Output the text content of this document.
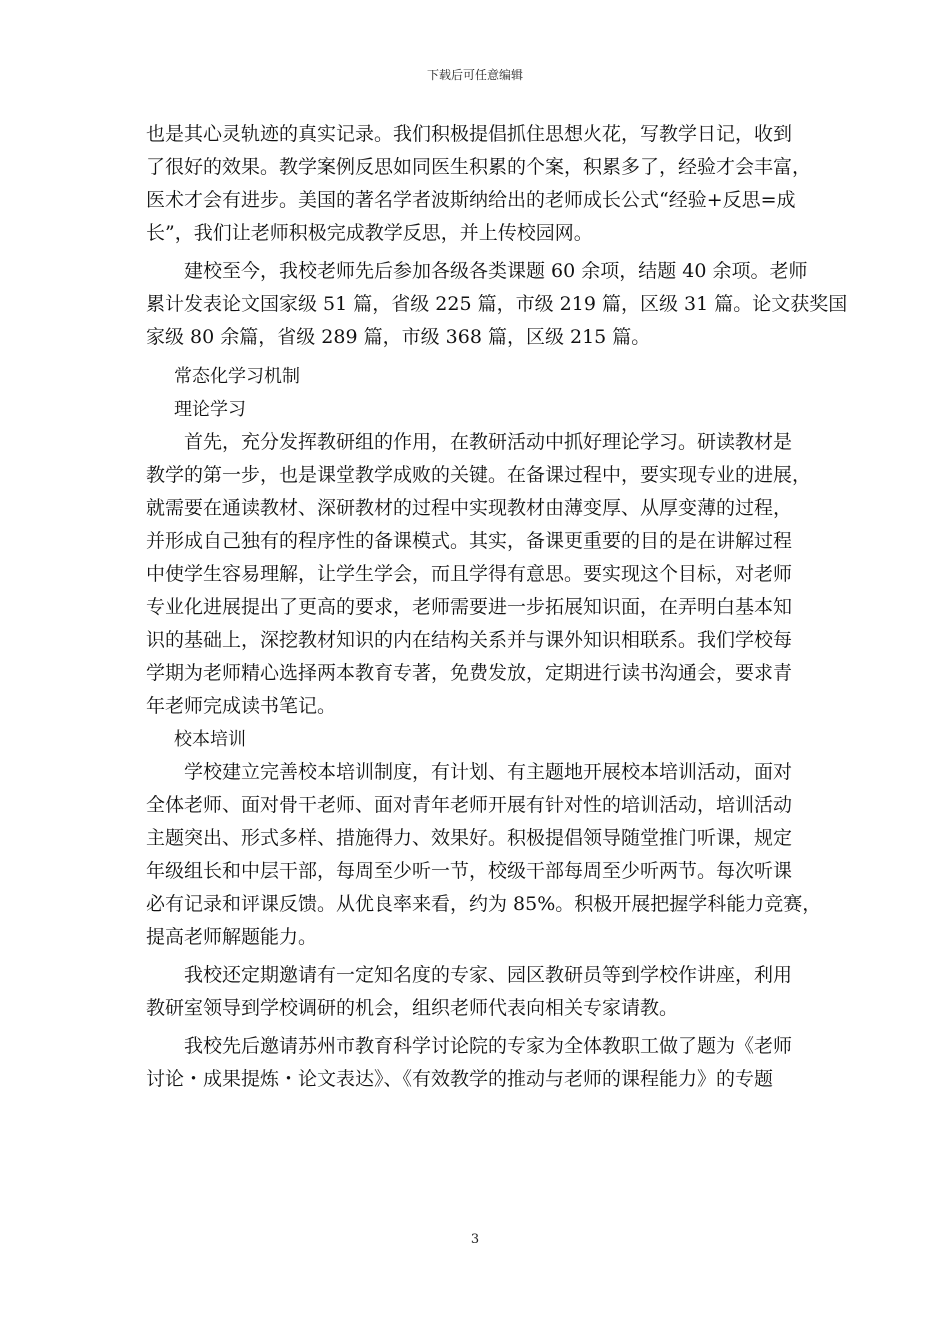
下载后可任意编辑

也是其心灵轨迹的真实记录。我们积极提倡抓住思想火花，写教学日记，收到
了很好的效果。教学案例反思如同医生积累的个案，积累多了，经验才会丰富，
医术才会有进步。美国的著名学者波斯纳给出的老师成长公式“经验+反思=成
长”，我们让老师积极完成教学反思，并上传校园网。

建校至今，我校老师先后参加各级各类课题 60 余项，结题 40 余项。老师
累计发表论文国家级 51 篇，省级 225 篇，市级 219 篇，区级 31 篇。论文获奖国
家级 80 余篇，省级 289 篇，市级 368 篇，区级 215 篇。

常态化学习机制
理论学习

首先，充分发挥教研组的作用，在教研活动中抓好理论学习。研读教材是
教学的第一步，也是课堂教学成败的关键。在备课过程中，要实现专业的进展，
就需要在通读教材、深研教材的过程中实现教材由薄变厚、从厚变薄的过程，
并形成自己独有的程序性的备课模式。其实，备课更重要的目的是在讲解过程
中使学生容易理解，让学生学会，而且学得有意思。要实现这个目标，对老师
专业化进展提出了更高的要求，老师需要进一步拓展知识面，在弄明白基本知
识的基础上，深挖教材知识的内在结构关系并与课外知识相联系。我们学校每
学期为老师精心选择两本教育专著，免费发放，定期进行读书沟通会，要求青
年老师完成读书笔记。

校本培训

学校建立完善校本培训制度，有计划、有主题地开展校本培训活动，面对
全体老师、面对骨干老师、面对青年老师开展有针对性的培训活动，培训活动
主题突出、形式多样、措施得力、效果好。积极提倡领导随堂推门听课，规定
年级组长和中层干部，每周至少听一节，校级干部每周至少听两节。每次听课
必有记录和评课反馈。从优良率来看，约为 85%。积极开展把握学科能力竞赛，
提高老师解题能力。

我校还定期邀请有一定知名度的专家、园区教研员等到学校作讲座，利用
教研室领导到学校调研的机会，组织老师代表向相关专家请教。

我校先后邀请苏州市教育科学讨论院的专家为全体教职工做了题为《老师
讨论・成果提炼・论文表达》、《有效教学的推动与老师的课程能力》的专题

3
